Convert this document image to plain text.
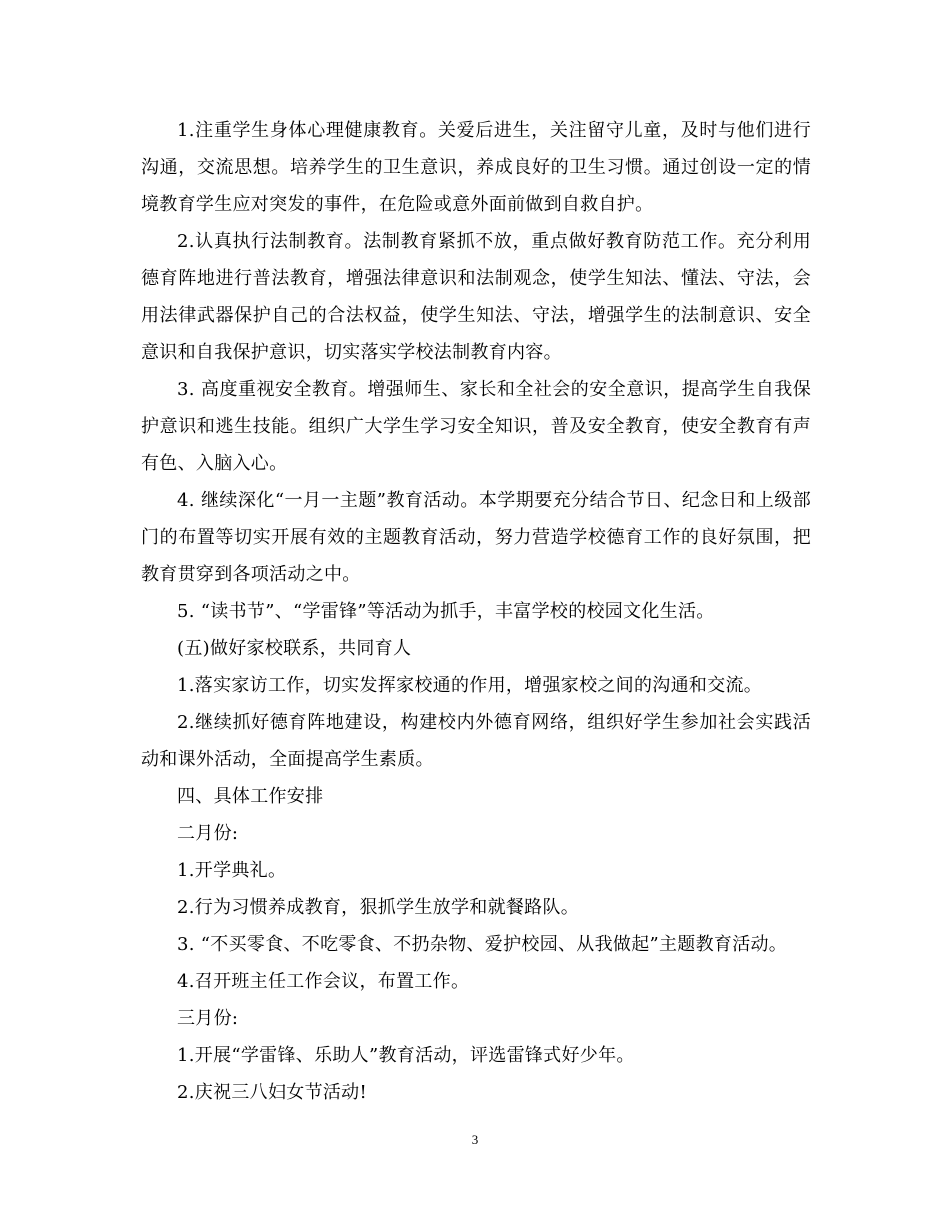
1.注重学生身体心理健康教育。关爱后进生，关注留守儿童，及时与他们进行沟通，交流思想。培养学生的卫生意识，养成良好的卫生习惯。通过创设一定的情境教育学生应对突发的事件，在危险或意外面前做到自救自护。

2.认真执行法制教育。法制教育紧抓不放，重点做好教育防范工作。充分利用德育阵地进行普法教育，增强法律意识和法制观念，使学生知法、懂法、守法，会用法律武器保护自己的合法权益，使学生知法、守法，增强学生的法制意识、安全意识和自我保护意识，切实落实学校法制教育内容。

3. 高度重视安全教育。增强师生、家长和全社会的安全意识，提高学生自我保护意识和逃生技能。组织广大学生学习安全知识，普及安全教育，使安全教育有声有色、入脑入心。

4. 继续深化“一月一主题”教育活动。本学期要充分结合节日、纪念日和上级部门的布置等切实开展有效的主题教育活动，努力营造学校德育工作的良好氛围，把教育贯穿到各项活动之中。

5. “读书节”、“学雷锋”等活动为抓手，丰富学校的校园文化生活。

(五)做好家校联系，共同育人

1.落实家访工作，切实发挥家校通的作用，增强家校之间的沟通和交流。

2.继续抓好德育阵地建设，构建校内外德育网络，组织好学生参加社会实践活动和课外活动，全面提高学生素质。

四、具体工作安排

二月份:

1.开学典礼。

2.行为习惯养成教育，狠抓学生放学和就餐路队。

3. “不买零食、不吃零食、不扔杂物、爱护校园、从我做起”主题教育活动。

4.召开班主任工作会议，布置工作。

三月份:

1.开展“学雷锋、乐助人”教育活动，评选雷锋式好少年。

2.庆祝三八妇女节活动!

3
